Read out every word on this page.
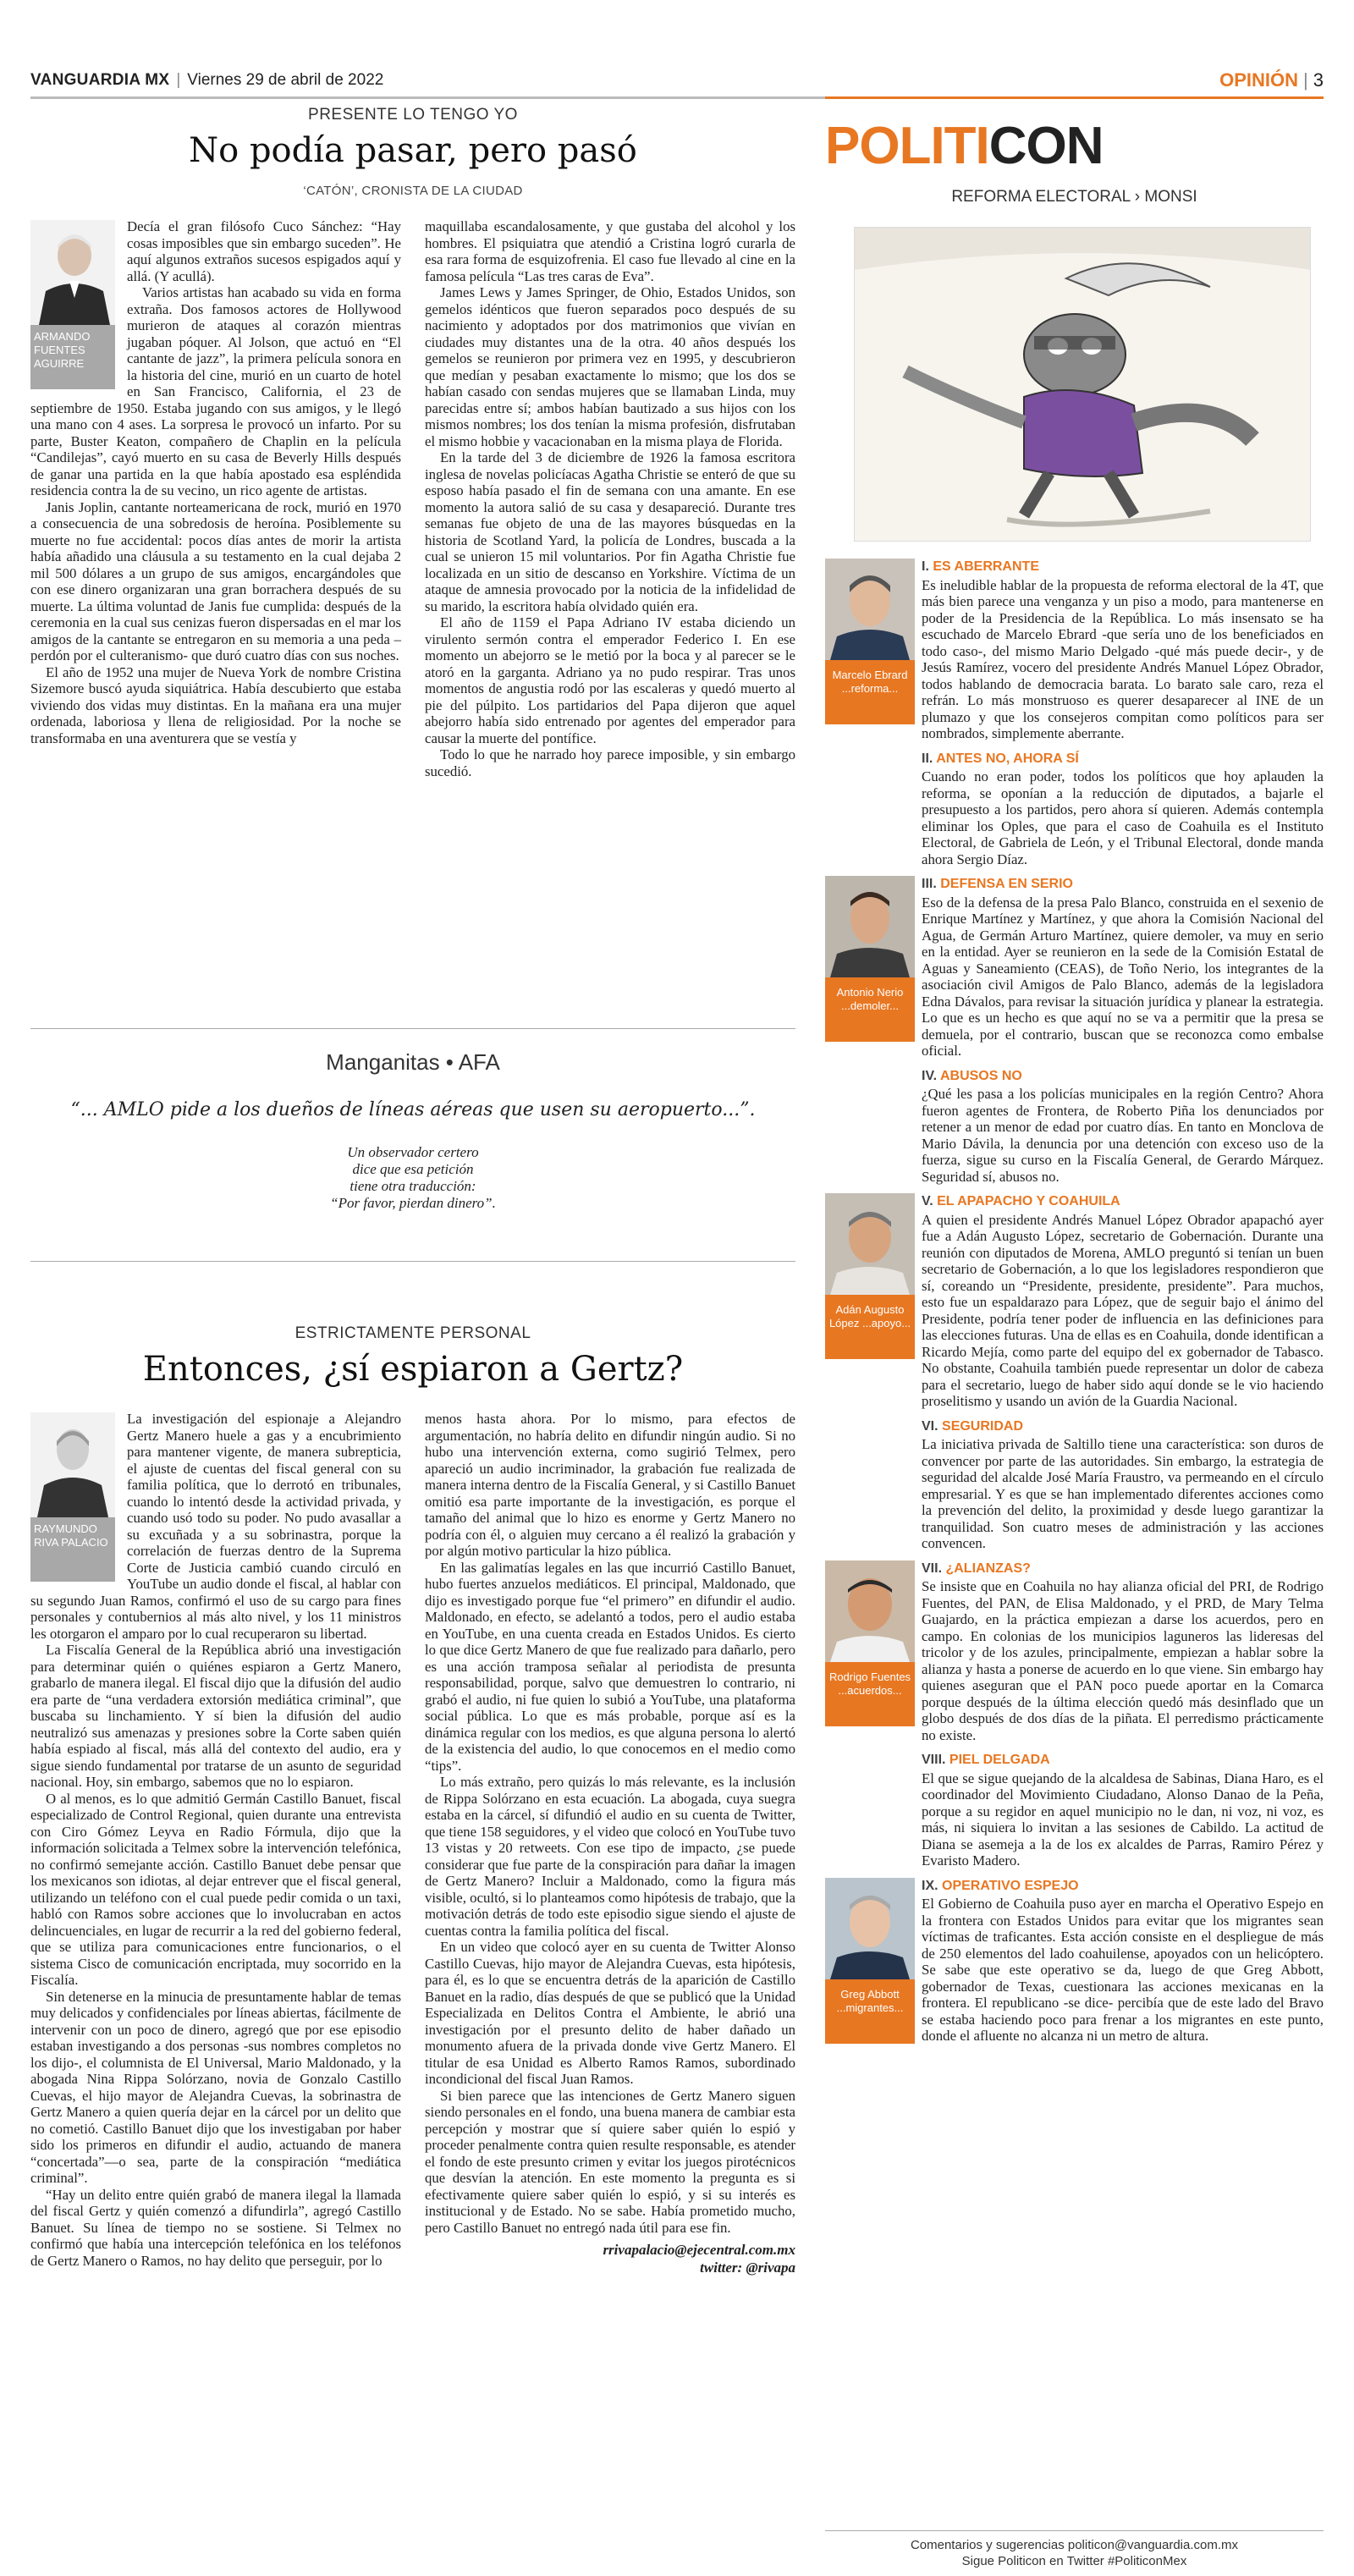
VANGUARDIA MX | Viernes 29 de abril de 2022	OPINIÓN | 3
PRESENTE LO TENGO YO
No podía pasar, pero pasó
‘CATÓN’, CRONISTA DE LA CIUDAD
ARMANDO FUENTES AGUIRRE

Decía el gran filósofo Cuco Sánchez: “Hay cosas imposibles que sin embargo suceden”. He aquí algunos extraños sucesos espigados aquí y allá. (Y acullá).

Varios artistas han acabado su vida en forma extraña. Dos famosos actores de Hollywood murieron de ataques al corazón mientras jugaban póquer. Al Jolson, que actuó en “El cantante de jazz”, la primera película sonora en la historia del cine, murió en un cuarto de hotel en San Francisco, California, el 23 de septiembre de 1950. Estaba jugando con sus amigos, y le llegó una mano con 4 ases. La sorpresa le provocó un infarto. Por su parte, Buster Keaton, compañero de Chaplin en la película “Candilejas”, cayó muerto en su casa de Beverly Hills después de ganar una partida en la que había apostado esa espléndida residencia contra la de su vecino, un rico agente de artistas.

Janis Joplin, cantante norteamericana de rock, murió en 1970 a consecuencia de una sobredosis de heroína. Posiblemente su muerte no fue accidental: pocos días antes de morir la artista había añadido una cláusula a su testamento en la cual dejaba 2 mil 500 dólares a un grupo de sus amigos, encargándoles que con ese dinero organizaran una gran borrachera después de su muerte. La última voluntad de Janis fue cumplida: después de la ceremonia en la cual sus cenizas fueron dispersadas en el mar los amigos de la cantante se entregaron en su memoria a una peda –perdón por el culteranismo- que duró cuatro días con sus noches.

El año de 1952 una mujer de Nueva York de nombre Cristina Sizemore buscó ayuda siquiátrica. Había descubierto que estaba viviendo dos vidas muy distintas. En la mañana era una mujer ordenada, laboriosa y llena de religiosidad. Por la noche se transformaba en una aventurera que se vestía y

maquillaba escandalosamente, y que gustaba del alcohol y los hombres. El psiquiatra que atendió a Cristina logró curarla de esa rara forma de esquizofrenia. El caso fue llevado al cine en la famosa película “Las tres caras de Eva”.

James Lews y James Springer, de Ohio, Estados Unidos, son gemelos idénticos que fueron separados poco después de su nacimiento y adoptados por dos matrimonios que vivían en ciudades muy distantes una de la otra. 40 años después los gemelos se reunieron por primera vez en 1995, y descubrieron que medían y pesaban exactamente lo mismo; que los dos se habían casado con sendas mujeres que se llamaban Linda, muy parecidas entre sí; ambos habían bautizado a sus hijos con los mismos nombres; los dos tenían la misma profesión, disfrutaban el mismo hobbie y vacacionaban en la misma playa de Florida.

En la tarde del 3 de diciembre de 1926 la famosa escritora inglesa de novelas policíacas Agatha Christie se enteró de que su esposo había pasado el fin de semana con una amante. En ese momento la autora salió de su casa y desapareció. Durante tres semanas fue objeto de una de las mayores búsquedas en la historia de Scotland Yard, la policía de Londres, buscada a la cual se unieron 15 mil voluntarios. Por fin Agatha Christie fue localizada en un sitio de descanso en Yorkshire. Víctima de un ataque de amnesia provocado por la noticia de la infidelidad de su marido, la escritora había olvidado quién era.

El año de 1159 el Papa Adriano IV estaba diciendo un virulento sermón contra el emperador Federico I. En ese momento un abejorro se le metió por la boca y al parecer se le atoró en la garganta. Adriano ya no pudo respirar. Tras unos momentos de angustia rodó por las escaleras y quedó muerto al pie del púlpito. Los partidarios del Papa dijeron que aquel abejorro había sido entrenado por agentes del emperador para causar la muerte del pontífice.

Todo lo que he narrado hoy parece imposible, y sin embargo sucedió.

Manganitas • AFA
“... AMLO pide a los dueños de líneas aéreas que usen su aeropuerto...”.
Un observador certero
dice que esa petición
tiene otra traducción:
“Por favor, pierdan dinero”.
ESTRICTAMENTE PERSONAL
Entonces, ¿sí espiaron a Gertz?
RAYMUNDO RIVA PALACIO

La investigación del espionaje a Alejandro Gertz Manero huele a gas y a encubrimiento para mantener vigente, de manera subrepticia, el ajuste de cuentas del fiscal general con su familia política, que lo derrotó en tribunales, cuando lo intentó desde la actividad privada, y cuando usó todo su poder. No pudo avasallar a su excuñada y a su sobrinastra, porque la correlación de fuerzas dentro de la Suprema Corte de Justicia cambió cuando circuló en YouTube un audio donde el fiscal, al hablar con su segundo Juan Ramos, confirmó el uso de su cargo para fines personales y contubernios al más alto nivel, y los 11 ministros les otorgaron el amparo por lo cual recuperaron su libertad.

La Fiscalía General de la República abrió una investigación para determinar quién o quiénes espiaron a Gertz Manero, grabarlo de manera ilegal. El fiscal dijo que la difusión del audio era parte de “una verdadera extorsión mediática criminal”, que buscaba su linchamiento. Y sí bien la difusión del audio neutralizó sus amenazas y presiones sobre la Corte saben quién había espiado al fiscal, más allá del contexto del audio, era y sigue siendo fundamental por tratarse de un asunto de seguridad nacional. Hoy, sin embargo, sabemos que no lo espiaron.

O al menos, es lo que admitió Germán Castillo Banuet, fiscal especializado de Control Regional, quien durante una entrevista con Ciro Gómez Leyva en Radio Fórmula, dijo que la información solicitada a Telmex sobre la intervención telefónica, no confirmó semejante acción. Castillo Banuet debe pensar que los mexicanos son idiotas, al dejar entrever que el fiscal general, utilizando un teléfono con el cual puede pedir comida o un taxi, habló con Ramos sobre acciones que lo involucraban en actos delincuenciales, en lugar de recurrir a la red del gobierno federal, que se utiliza para comunicaciones entre funcionarios, o el sistema Cisco de comunicación encriptada, muy socorrido en la Fiscalía.

Sin detenerse en la minucia de presuntamente hablar de temas muy delicados y confidenciales por líneas abiertas, fácilmente de intervenir con un poco de dinero, agregó que por ese episodio estaban investigando a dos personas -sus nombres completos no los dijo-, el columnista de El Universal, Mario Maldonado, y la abogada Nina Rippa Solórzano, novia de Gonzalo Castillo Cuevas, el hijo mayor de Alejandra Cuevas, la sobrinastra de Gertz Manero a quien quería dejar en la cárcel por un delito que no cometió. Castillo Banuet dijo que los investigaban por haber sido los primeros en difundir el audio, actuando de manera “concertada”—o sea, parte de la conspiración “mediática criminal”.

“Hay un delito entre quién grabó de manera ilegal la llamada del fiscal Gertz y quién comenzó a difundirla”, agregó Castillo Banuet. Su línea de tiempo no se sostiene. Si Telmex no confirmó que había una intercepción telefónica en los teléfonos de Gertz Manero o Ramos, no hay delito que perseguir, por lo

menos hasta ahora. Por lo mismo, para efectos de argumentación, no habría delito en difundir ningún audio. Si no hubo una intervención externa, como sugirió Telmex, pero apareció un audio incriminador, la grabación fue realizada de manera interna dentro de la Fiscalía General, y si Castillo Banuet omitió esa parte importante de la investigación, es porque el tamaño del animal que lo hizo es enorme y Gertz Manero no podría con él, o alguien muy cercano a él realizó la grabación y por algún motivo particular la hizo pública.

En las galimatías legales en las que incurrió Castillo Banuet, hubo fuertes anzuelos mediáticos. El principal, Maldonado, que dijo es investigado porque fue “el primero” en difundir el audio. Maldonado, en efecto, se adelantó a todos, pero el audio estaba en YouTube, en una cuenta creada en Estados Unidos. Es cierto lo que dice Gertz Manero de que fue realizado para dañarlo, pero es una acción tramposa señalar al periodista de presunta responsabilidad, porque, salvo que demuestren lo contrario, ni grabó el audio, ni fue quien lo subió a YouTube, una plataforma social pública. Lo que es más probable, porque así es la dinámica regular con los medios, es que alguna persona lo alertó de la existencia del audio, lo que conocemos en el medio como “tips”.

Lo más extraño, pero quizás lo más relevante, es la inclusión de Rippa Solórzano en esta ecuación. La abogada, cuya suegra estaba en la cárcel, sí difundió el audio en su cuenta de Twitter, que tiene 158 seguidores, y el video que colocó en YouTube tuvo 13 vistas y 20 retweets. Con ese tipo de impacto, ¿se puede considerar que fue parte de la conspiración para dañar la imagen de Gertz Manero? Incluir a Maldonado, como la figura más visible, ocultó, si lo planteamos como hipótesis de trabajo, que la motivación detrás de todo este episodio sigue siendo el ajuste de cuentas contra la familia política del fiscal.

En un video que colocó ayer en su cuenta de Twitter Alonso Castillo Cuevas, hijo mayor de Alejandra Cuevas, esta hipótesis, para él, es lo que se encuentra detrás de la aparición de Castillo Banuet en la radio, días después de que se publicó que la Unidad Especializada en Delitos Contra el Ambiente, le abrió una investigación por el presunto delito de haber dañado un monumento afuera de la privada donde vive Gertz Manero. El titular de esa Unidad es Alberto Ramos Ramos, subordinado incondicional del fiscal Juan Ramos.

Si bien parece que las intenciones de Gertz Manero siguen siendo personales en el fondo, una buena manera de cambiar esta percepción y mostrar que sí quiere saber quién lo espió y proceder penalmente contra quien resulte responsable, es atender el fondo de este presunto crimen y evitar los juegos pirotécnicos que desvían la atención. En este momento la pregunta es si efectivamente quiere saber quién lo espió, y si su interés es institucional y de Estado. No se sabe. Había prometido mucho, pero Castillo Banuet no entregó nada útil para ese fin.

rrivapalacio@ejecentral.com.mx
twitter: @rivapa
POLITICON
REFORMA ELECTORAL › MONSI
Marcelo Ebrard ...reforma...
I. ES ABERRANTE

Es ineludible hablar de la propuesta de reforma electoral de la 4T, que más bien parece una venganza y un piso a modo, para mantenerse en poder de la Presidencia de la República. Lo más insensato se ha escuchado de Marcelo Ebrard -que sería uno de los beneficiados en todo caso-, del mismo Mario Delgado -qué más puede decir-, y de Jesús Ramírez, vocero del presidente Andrés Manuel López Obrador, todos hablando de democracia barata. Lo barato sale caro, reza el refrán. Lo más monstruoso es querer desaparecer al INE de un plumazo y que los consejeros compitan como políticos para ser nombrados, simplemente aberrante.

II. ANTES NO, AHORA SÍ

Cuando no eran poder, todos los políticos que hoy aplauden la reforma, se oponían a la reducción de diputados, a bajarle el presupuesto a los partidos, pero ahora sí quieren. Además contempla eliminar los Oples, que para el caso de Coahuila es el Instituto Electoral, de Gabriela de León, y el Tribunal Electoral, donde manda ahora Sergio Díaz.

Antonio Nerio ...demoler...
III. DEFENSA EN SERIO

Eso de la defensa de la presa Palo Blanco, construida en el sexenio de Enrique Martínez y Martínez, y que ahora la Comisión Nacional del Agua, de Germán Arturo Martínez, quiere demoler, va muy en serio en la entidad. Ayer se reunieron en la sede de la Comisión Estatal de Aguas y Saneamiento (CEAS), de Toño Nerio, los integrantes de la asociación civil Amigos de Palo Blanco, además de la legisladora Edna Dávalos, para revisar la situación jurídica y planear la estrategia. Lo que es un hecho es que aquí no se va a permitir que la presa se demuela, por el contrario, buscan que se reconozca como embalse oficial.

IV. ABUSOS NO

¿Qué les pasa a los policías municipales en la región Centro? Ahora fueron agentes de Frontera, de Roberto Piña los denunciados por retener a un menor de edad por cuatro días. En tanto en Monclova de Mario Dávila, la denuncia por una detención con exceso uso de la fuerza, sigue su curso en la Fiscalía General, de Gerardo Márquez. Seguridad sí, abusos no.

Adán Augusto López ...apoyo...
V. EL APAPACHO Y COAHUILA

A quien el presidente Andrés Manuel López Obrador apapachó ayer fue a Adán Augusto López, secretario de Gobernación. Durante una reunión con diputados de Morena, AMLO preguntó si tenían un buen secretario de Gobernación, a lo que los legisladores respondieron que sí, coreando un “Presidente, presidente, presidente”. Para muchos, esto fue un espaldarazo para López, que de seguir bajo el ánimo del Presidente, podría tener poder de influencia en las definiciones para las elecciones futuras. Una de ellas es en Coahuila, donde identifican a Ricardo Mejía, como parte del equipo del ex gobernador de Tabasco. No obstante, Coahuila también puede representar un dolor de cabeza para el secretario, luego de haber sido aquí donde se le vio haciendo proselitismo y usando un avión de la Guardia Nacional.

VI. SEGURIDAD

La iniciativa privada de Saltillo tiene una característica: son duros de convencer por parte de las autoridades. Sin embargo, la estrategia de seguridad del alcalde José María Fraustro, va permeando en el círculo empresarial. Y es que se han implementado diferentes acciones como la prevención del delito, la proximidad y desde luego garantizar la tranquilidad. Son cuatro meses de administración y las acciones convencen.

Rodrigo Fuentes ...acuerdos...
VII. ¿ALIANZAS?

Se insiste que en Coahuila no hay alianza oficial del PRI, de Rodrigo Fuentes, del PAN, de Elisa Maldonado, y el PRD, de Mary Telma Guajardo, en la práctica empiezan a darse los acuerdos, pero en campo. En colonias de los municipios laguneros las lideresas del tricolor y de los azules, principalmente, empiezan a hablar sobre la alianza y hasta a ponerse de acuerdo en lo que viene. Sin embargo hay quienes aseguran que el PAN poco puede aportar en la Comarca porque después de la última elección quedó más desinflado que un globo después de dos días de la piñata. El perredismo prácticamente no existe.

VIII. PIEL DELGADA

El que se sigue quejando de la alcaldesa de Sabinas, Diana Haro, es el coordinador del Movimiento Ciudadano, Alonso Danao de la Peña, porque a su regidor en aquel municipio no le dan, ni voz, ni voz, es más, ni siquiera lo invitan a las sesiones de Cabildo. La actitud de Diana se asemeja a la de los ex alcaldes de Parras, Ramiro Pérez y Evaristo Madero.

Greg Abbott ...migrantes...
IX. OPERATIVO ESPEJO

El Gobierno de Coahuila puso ayer en marcha el Operativo Espejo en la frontera con Estados Unidos para evitar que los migrantes sean víctimas de traficantes. Esta acción consiste en el despliegue de más de 250 elementos del lado coahuilense, apoyados con un helicóptero. Se sabe que este operativo se da, luego de que Greg Abbott, gobernador de Texas, cuestionara las acciones mexicanas en la frontera. El republicano -se dice- percibía que de este lado del Bravo se estaba haciendo poco para frenar a los migrantes en este punto, donde el afluente no alcanza ni un metro de altura.

Comentarios y sugerencias politicon@vanguardia.com.mx
Sigue Politicon en Twitter #PoliticonMex
